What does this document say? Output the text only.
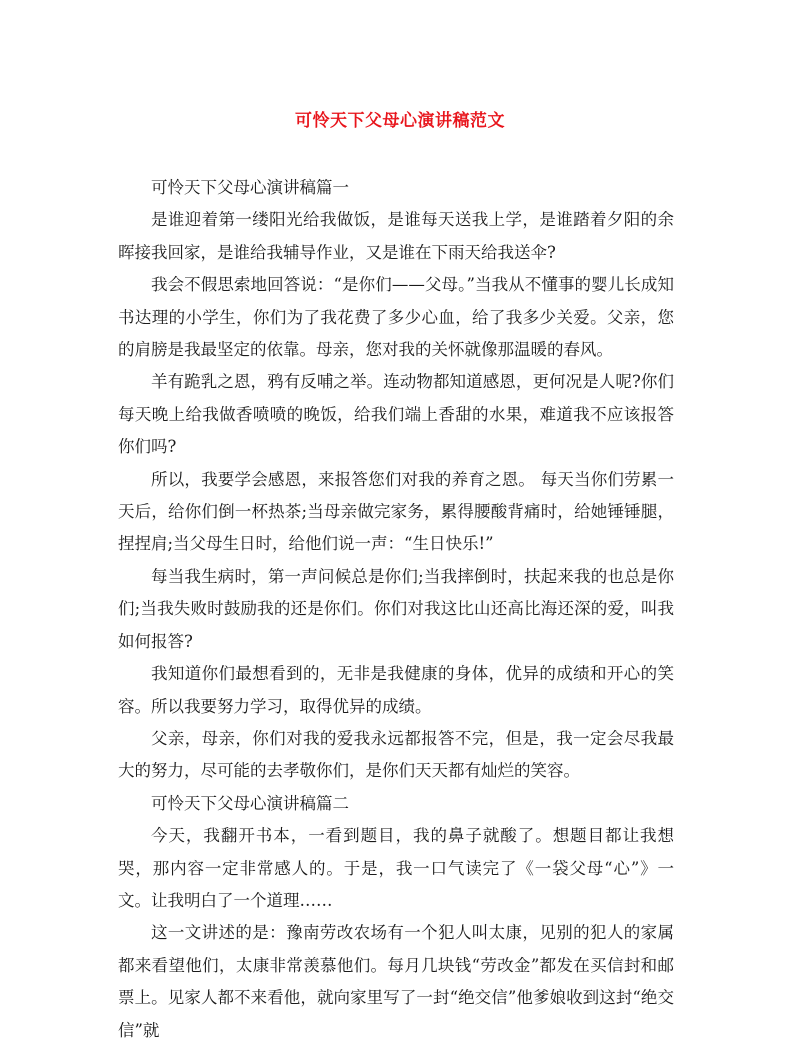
可怜天下父母心演讲稿范文

可怜天下父母心演讲稿篇一

是谁迎着第一缕阳光给我做饭，是谁每天送我上学，是谁踏着夕阳的余晖接我回家，是谁给我辅导作业，又是谁在下雨天给我送伞?

我会不假思索地回答说：“是你们——父母。”当我从不懂事的婴儿长成知书达理的小学生，你们为了我花费了多少心血，给了我多少关爱。父亲，您的肩膀是我最坚定的依靠。母亲，您对我的关怀就像那温暖的春风。

羊有跪乳之恩，鸦有反哺之举。连动物都知道感恩，更何况是人呢?你们每天晚上给我做香喷喷的晚饭，给我们端上香甜的水果，难道我不应该报答你们吗?

所以，我要学会感恩，来报答您们对我的养育之恩。 每天当你们劳累一天后，给你们倒一杯热茶;当母亲做完家务，累得腰酸背痛时，给她锤锤腿，捏捏肩;当父母生日时，给他们说一声：“生日快乐!”

每当我生病时，第一声问候总是你们;当我摔倒时，扶起来我的也总是你们;当我失败时鼓励我的还是你们。你们对我这比山还高比海还深的爱，叫我如何报答?

我知道你们最想看到的，无非是我健康的身体，优异的成绩和开心的笑容。所以我要努力学习，取得优异的成绩。

父亲，母亲，你们对我的爱我永远都报答不完，但是，我一定会尽我最大的努力，尽可能的去孝敬你们，是你们天天都有灿烂的笑容。

可怜天下父母心演讲稿篇二

今天，我翻开书本，一看到题目，我的鼻子就酸了。想题目都让我想哭，那内容一定非常感人的。于是，我一口气读完了《一袋父母“心”》一文。让我明白了一个道理……

这一文讲述的是：豫南劳改农场有一个犯人叫太康，见别的犯人的家属都来看望他们，太康非常羡慕他们。每月几块钱“劳改金”都发在买信封和邮票上。见家人都不来看他，就向家里写了一封“绝交信”他爹娘收到这封“绝交信”就
